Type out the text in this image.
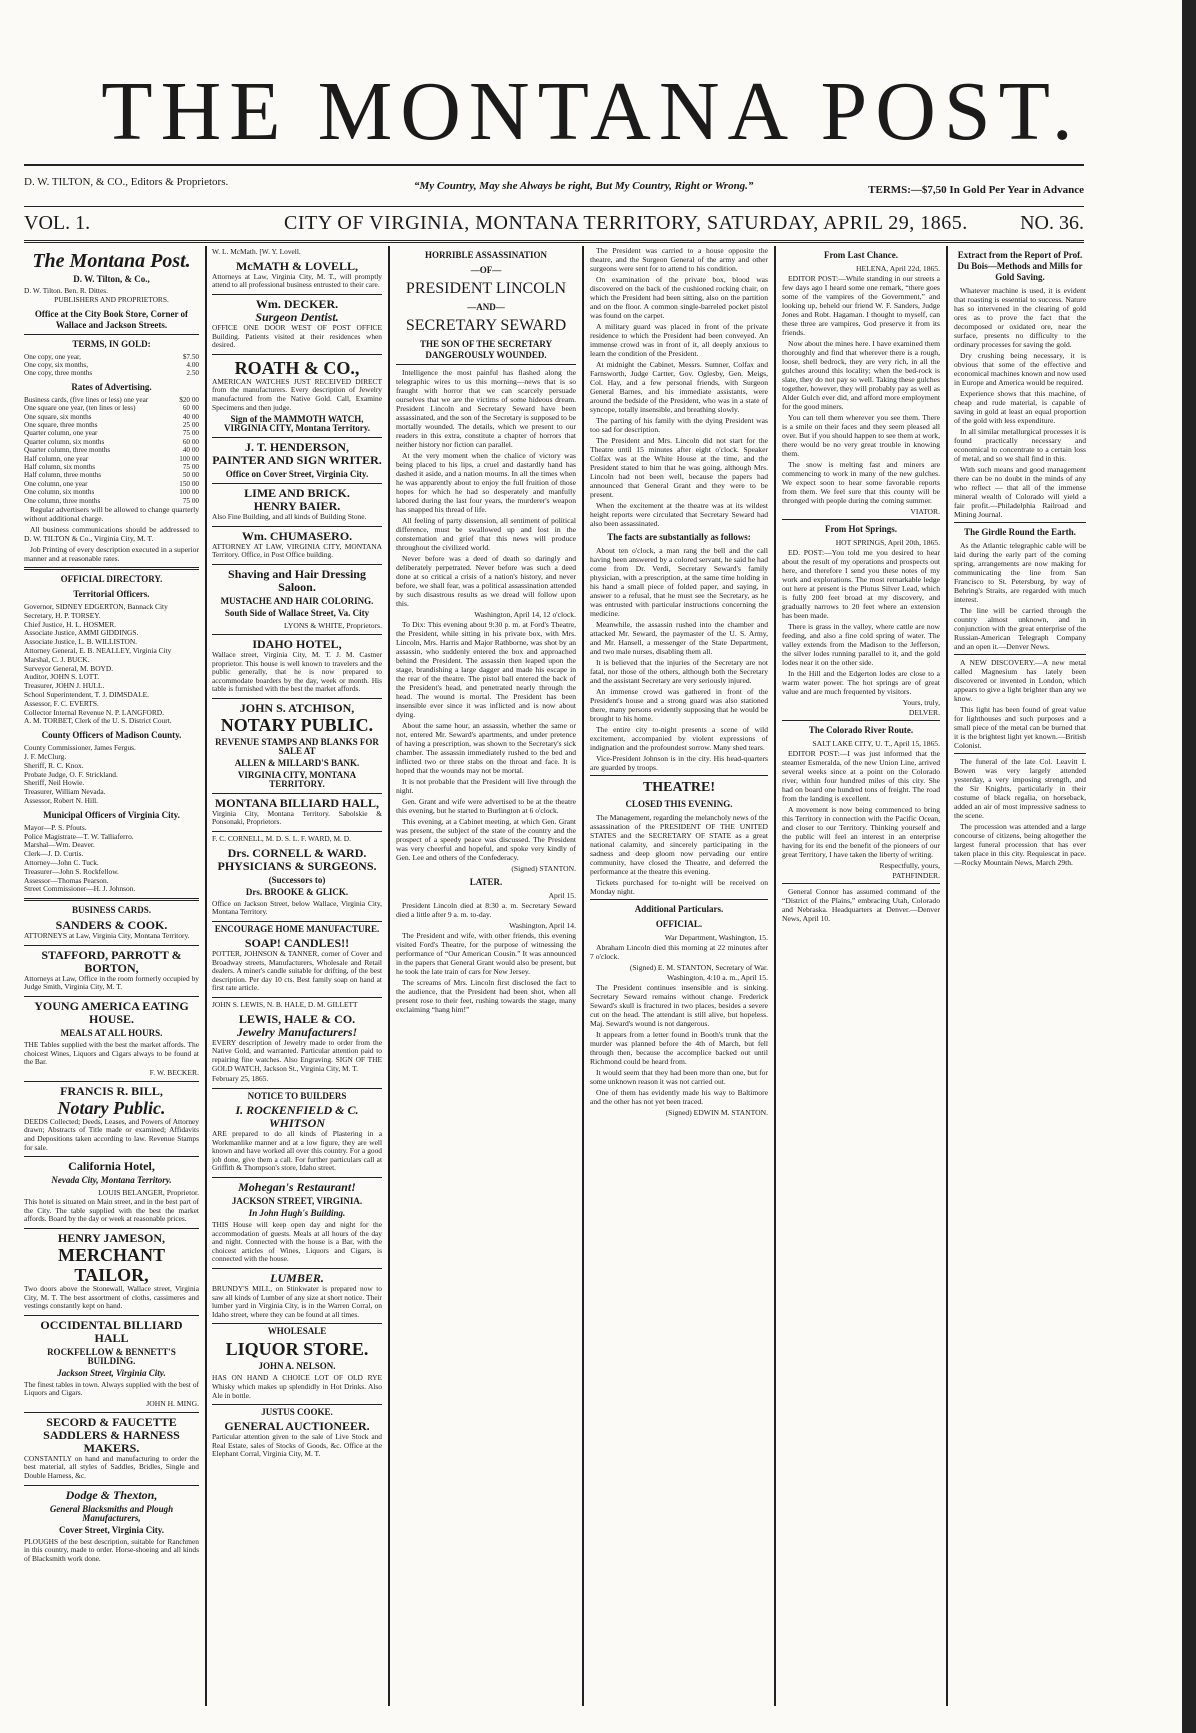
THE MONTANA POST.
D. W. TILTON, & CO., Editors & Proprietors.	“My Country, May she Always be right, But My Country, Right or Wrong.”	TERMS:—$7,50 In Gold Per Year in Advance
VOL. 1.	CITY OF VIRGINIA, MONTANA TERRITORY, SATURDAY, APRIL 29, 1865.	NO. 36.
The Montana Post.
D. W. Tilton, & Co.,
D. W. Tilton. Ben. R. Dittes.
PUBLISHERS AND PROPRIETORS.
Office at the City Book Store, Corner of Wallace and Jackson Streets.
TERMS, IN GOLD:
One copy, one year,	$7.50
One copy, six months,	4.00
One copy, three months	2.50
Rates of Advertising.
Business cards, (five lines or less) one year	$20 00
One square one year, (ten lines or less)	60 00
One square, six months	40 00
One square, three months	25 00
Quarter column, one year	75 00
Quarter column, six months	60 00
Quarter column, three months	40 00
Half column, one year	100 00
Half column, six months	75 00
Half column, three months	50 00
One column, one year	150 00
One column, six months	100 00
One column, three months	75 00

Regular advertisers will be allowed to change quarterly without additional charge.

All business communications should be addressed to D. W. TILTON & Co., Virginia City, M. T.

Job Printing of every description executed in a superior manner and at reasonable rates.

OFFICIAL DIRECTORY.
Territorial Officers.
Governor, SIDNEY EDGERTON, Bannack City
Secretary, H. P. TORSEY.
Chief Justice, H. L. HOSMER.
Associate Justice, AMMI GIDDINGS.
Associate Justice, L. B. WILLISTON.
Attorney General, E. B. NEALLEY, Virginia City
Marshal, C. J. BUCK.
Surveyor General, M. BOYD.
Auditor, JOHN S. LOTT.
Treasurer, JOHN J. HULL.
School Superintendent, T. J. DIMSDALE.
Assessor, F. C. EVERTS.
Collector Internal Revenue N. P. LANGFORD.
A. M. TORBET, Clerk of the U. S. District Court.
County Officers of Madison County.
County Commissioner, James Fergus.
J. F. McClurg.
Sheriff, R. C. Knox.
Probate Judge, O. F. Strickland.
Sheriff, Neil Howie.
Treasurer, William Nevada.
Assessor, Robert N. Hill.
Municipal Officers of Virginia City.
Mayor—P. S. Pfouts.
Police Magistrate—T. W. Talliaferro.
Marshal—Wm. Deaver.
Clerk—J. D. Curtis.
Attorney—John C. Tuck.
Treasurer—John S. Rockfellow.
Assessor—Thomas Pearson.
Street Commissioner—H. J. Johnson.
BUSINESS CARDS.
SANDERS & COOK.
ATTORNEYS at Law, Virginia City, Montana Territory.
STAFFORD, PARROTT & BORTON,
Attorneys at Law, Office in the room formerly occupied by Judge Smith, Virginia City, M. T.
YOUNG AMERICA EATING HOUSE.
MEALS AT ALL HOURS.
THE Tables supplied with the best the market affords. The choicest Wines, Liquors and Cigars always to be found at the Bar.
F. W. BECKER.
FRANCIS R. BILL,
Notary Public.
DEEDS Collected; Deeds, Leases, and Powers of Attorney drawn; Abstracts of Title made or examined; Affidavits and Depositions taken according to law. Revenue Stamps for sale.
California Hotel,
Nevada City, Montana Territory.
LOUIS BELANGER, Proprietor.
This hotel is situated on Main street, and in the best part of the City. The table supplied with the best the market affords. Board by the day or week at reasonable prices.
HENRY JAMESON,
MERCHANT TAILOR,
Two doors above the Stonewall, Wallace street, Virginia City, M. T. The best assortment of cloths, cassimeres and vestings constantly kept on hand.
OCCIDENTAL BILLIARD HALL
ROCKFELLOW & BENNETT'S BUILDING.
Jackson Street, Virginia City.
The finest tables in town. Always supplied with the best of Liquors and Cigars.
JOHN H. MING.
SECORD & FAUCETTE
SADDLERS & HARNESS MAKERS.
CONSTANTLY on hand and manufacturing to order the best material, all styles of Saddles, Bridles, Single and Double Harness, &c.
Dodge & Thexton,
General Blacksmiths and Plough Manufacturers,
Cover Street, Virginia City.
PLOUGHS of the best description, suitable for Ranchmen in this country, made to order. Horse-shoeing and all kinds of Blacksmith work done.
W. L. McMath. [W. Y. Lovell.
McMATH & LOVELL,
Attorneys at Law, Virginia City, M. T., will promptly attend to all professional business entrusted to their care.
Wm. DECKER.
Surgeon Dentist.
OFFICE ONE DOOR WEST OF POST OFFICE Building. Patients visited at their residences when desired.
ROATH & CO.,
AMERICAN WATCHES JUST RECEIVED DIRECT from the manufacturers. Every description of Jewelry manufactured from the Native Gold. Call, Examine Specimens and then judge.
Sign of the MAMMOTH WATCH, VIRGINIA CITY, Montana Territory.
J. T. HENDERSON,
PAINTER AND SIGN WRITER.
Office on Cover Street, Virginia City.
LIME AND BRICK.
HENRY BAIER.
Also Fine Building, and all kinds of Building Stone.
Wm. CHUMASERO.
ATTORNEY AT LAW, VIRGINIA CITY, MONTANA Territory. Office, in Post Office building.
Shaving and Hair Dressing Saloon.
MUSTACHE AND HAIR COLORING.
South Side of Wallace Street, Va. City
LYONS & WHITE, Proprietors.
IDAHO HOTEL,
Wallace street, Virginia City, M. T. J. M. Castner proprietor. This house is well known to travelers and the public generally, that he is now prepared to accommodate boarders by the day, week or month. His table is furnished with the best the market affords.
JOHN S. ATCHISON,
NOTARY PUBLIC.
REVENUE STAMPS AND BLANKS FOR SALE AT
ALLEN & MILLARD'S BANK.
VIRGINIA CITY, MONTANA TERRITORY.
MONTANA BILLIARD HALL,
Virginia City, Montana Territory. Sabolskie & Ponsonaki, Proprietors.
F. C. CORNELL, M. D. S. L. F. WARD, M. D.
Drs. CORNELL & WARD.
PHYSICIANS & SURGEONS.
(Successors to)
Drs. BROOKE & GLICK.
Office on Jackson Street, below Wallace, Virginia City, Montana Territory.
ENCOURAGE HOME MANUFACTURE.
SOAP! CANDLES!!
POTTER, JOHNSON & TANNER, corner of Cover and Broadway streets, Manufacturers, Wholesale and Retail dealers. A miner's candle suitable for drifting, of the best description. Per day 10 cts. Best family soap on hand at first rate article.
JOHN S. LEWIS, N. B. HALE, D. M. GILLETT
LEWIS, HALE & CO.
Jewelry Manufacturers!
EVERY description of Jewelry made to order from the Native Gold, and warranted. Particular attention paid to repairing fine watches. Also Engraving. SIGN OF THE GOLD WATCH, Jackson St., Virginia City, M. T.
February 25, 1865.
NOTICE TO BUILDERS
I. ROCKENFIELD & C. WHITSON
ARE prepared to do all kinds of Plastering in a Workmanlike manner and at a low figure, they are well known and have worked all over this country. For a good job done, give them a call. For further particulars call at Griffith & Thompson's store, Idaho street.
Mohegan's Restaurant!
JACKSON STREET, VIRGINIA.
In John Hugh's Building.
THIS House will keep open day and night for the accommodation of guests. Meals at all hours of the day and night. Connected with the house is a Bar, with the choicest articles of Wines, Liquors and Cigars, is connected with the house.
LUMBER.
BRUNDY'S MILL, on Stinkwater is prepared now to saw all kinds of Lumber of any size at short notice. Their lumber yard in Virginia City, is in the Warren Corral, on Idaho street, where they can be found at all times.
WHOLESALE
LIQUOR STORE.
JOHN A. NELSON.
HAS ON HAND A CHOICE LOT OF OLD RYE Whisky which makes up splendidly in Hot Drinks. Also Ale in bottle.
JUSTUS COOKE.
GENERAL AUCTIONEER.
Particular attention given to the sale of Live Stock and Real Estate, sales of Stocks of Goods, &c. Office at the Elephant Corral, Virginia City, M. T.
HORRIBLE ASSASSINATION
—OF—
PRESIDENT LINCOLN
—AND—
SECRETARY SEWARD
THE SON OF THE SECRETARY DANGEROUSLY WOUNDED.

Intelligence the most painful has flashed along the telegraphic wires to us this morning—news that is so fraught with horror that we can scarcely persuade ourselves that we are the victims of some hideous dream. President Lincoln and Secretary Seward have been assassinated, and the son of the Secretary is supposed to be mortally wounded. The details, which we present to our readers in this extra, constitute a chapter of horrors that neither history nor fiction can parallel.

At the very moment when the chalice of victory was being placed to his lips, a cruel and dastardly hand has dashed it aside, and a nation mourns. In all the times when he was apparently about to enjoy the full fruition of those hopes for which he had so desperately and manfully labored during the last four years, the murderer's weapon has snapped his thread of life.

All feeling of party dissension, all sentiment of political difference, must be swallowed up and lost in the consternation and grief that this news will produce throughout the civilized world.

Never before was a deed of death so daringly and deliberately perpetrated. Never before was such a deed done at so critical a crisis of a nation's history, and never before, we shall fear, was a political assassination attended by such disastrous results as we dread will follow upon this.

Washington, April 14, 12 o'clock.

To Dix: This evening about 9:30 p. m. at Ford's Theatre, the President, while sitting in his private box, with Mrs. Lincoln, Mrs. Harris and Major Rathborne, was shot by an assassin, who suddenly entered the box and approached behind the President. The assassin then leaped upon the stage, brandishing a large dagger and made his escape in the rear of the theatre. The pistol ball entered the back of the President's head, and penetrated nearly through the head. The wound is mortal. The President has been insensible ever since it was inflicted and is now about dying.

About the same hour, an assassin, whether the same or not, entered Mr. Seward's apartments, and under pretence of having a prescription, was shown to the Secretary's sick chamber. The assassin immediately rushed to the bed and inflicted two or three stabs on the throat and face. It is hoped that the wounds may not be mortal.

It is not probable that the President will live through the night.

Gen. Grant and wife were advertised to be at the theatre this evening, but he started to Burlington at 6 o'clock.

This evening, at a Cabinet meeting, at which Gen. Grant was present, the subject of the state of the country and the prospect of a speedy peace was discussed. The President was very cheerful and hopeful, and spoke very kindly of Gen. Lee and others of the Confederacy.

(Signed) STANTON.
LATER.
April 15.

President Lincoln died at 8:30 a. m. Secretary Seward died a little after 9 a. m. to-day.

Washington, April 14.

The President and wife, with other friends, this evening visited Ford's Theatre, for the purpose of witnessing the performance of “Our American Cousin.” It was announced in the papers that General Grant would also be present, but he took the late train of cars for New Jersey.

The screams of Mrs. Lincoln first disclosed the fact to the audience, that the President had been shot, when all present rose to their feet, rushing towards the stage, many exclaiming “hang him!”

The President was carried to a house opposite the theatre, and the Surgeon General of the army and other surgeons were sent for to attend to his condition.

On examination of the private box, blood was discovered on the back of the cushioned rocking chair, on which the President had been sitting, also on the partition and on the floor. A common single-barreled pocket pistol was found on the carpet.

A military guard was placed in front of the private residence to which the President had been conveyed. An immense crowd was in front of it, all deeply anxious to learn the condition of the President.

At midnight the Cabinet, Messrs. Sumner, Colfax and Farnsworth, Judge Cartter, Gov. Oglesby, Gen. Meigs, Col. Hay, and a few personal friends, with Surgeon General Barnes, and his immediate assistants, were around the bedside of the President, who was in a state of syncope, totally insensible, and breathing slowly.

The parting of his family with the dying President was too sad for description.

The President and Mrs. Lincoln did not start for the Theatre until 15 minutes after eight o'clock. Speaker Colfax was at the White House at the time, and the President stated to him that he was going, although Mrs. Lincoln had not been well, because the papers had announced that General Grant and they were to be present.

When the excitement at the theatre was at its wildest height reports were circulated that Secretary Seward had also been assassinated.

The facts are substantially as follows:

About ten o'clock, a man rang the bell and the call having been answered by a colored servant, he said he had come from Dr. Verdi, Secretary Seward's family physician, with a prescription, at the same time holding in his hand a small piece of folded paper, and saying, in answer to a refusal, that he must see the Secretary, as he was entrusted with particular instructions concerning the medicine.

Meanwhile, the assassin rushed into the chamber and attacked Mr. Seward, the paymaster of the U. S. Army, and Mr. Hansell, a messenger of the State Department, and two male nurses, disabling them all.

It is believed that the injuries of the Secretary are not fatal, nor those of the others, although both the Secretary and the assistant Secretary are very seriously injured.

An immense crowd was gathered in front of the President's house and a strong guard was also stationed there, many persons evidently supposing that he would be brought to his home.

The entire city to-night presents a scene of wild excitement, accompanied by violent expressions of indignation and the profoundest sorrow. Many shed tears.

Vice-President Johnson is in the city. His head-quarters are guarded by troops.

THEATRE!
CLOSED THIS EVENING.

The Management, regarding the melancholy news of the assassination of the PRESIDENT OF THE UNITED STATES and the SECRETARY OF STATE as a great national calamity, and sincerely participating in the sadness and deep gloom now pervading our entire community, have closed the Theatre, and deferred the performance at the theatre this evening.

Tickets purchased for to-night will be received on Monday night.

Additional Particulars.
OFFICIAL.
War Department, Washington, 15.

Abraham Lincoln died this morning at 22 minutes after 7 o'clock.

(Signed) E. M. STANTON, Secretary of War.
Washington, 4:10 a. m., April 15.

The President continues insensible and is sinking. Secretary Seward remains without change. Frederick Seward's skull is fractured in two places, besides a severe cut on the head. The attendant is still alive, but hopeless. Maj. Seward's wound is not dangerous.

It appears from a letter found in Booth's trunk that the murder was planned before the 4th of March, but fell through then, because the accomplice backed out until Richmond could be heard from.

It would seem that they had been more than one, but for some unknown reason it was not carried out.

One of them has evidently made his way to Baltimore and the other has not yet been traced.

(Signed) EDWIN M. STANTON.
From Last Chance.
HELENA, April 22d, 1865.

EDITOR POST:—While standing in our streets a few days ago I heard some one remark, “there goes some of the vampires of the Government,” and looking up, beheld our friend W. F. Sanders, Judge Jones and Robt. Hagaman. I thought to myself, can these three are vampires, God preserve it from its friends.

Now about the mines here. I have examined them thoroughly and find that wherever there is a rough, loose, shell bedrock, they are very rich, in all the gulches around this locality; when the bed-rock is slate, they do not pay so well. Taking these gulches together, however, they will probably pay as well as Alder Gulch ever did, and afford more employment for the good miners.

You can tell them wherever you see them. There is a smile on their faces and they seem pleased all over. But if you should happen to see them at work, there would be no very great trouble in knowing them.

The snow is melting fast and miners are commencing to work in many of the new gulches. We expect soon to hear some favorable reports from them. We feel sure that this county will be thronged with people during the coming summer.

VIATOR.
From Hot Springs.
HOT SPRINGS, April 20th, 1865.

ED. POST:—You told me you desired to hear about the result of my operations and prospects out here, and therefore I send you these notes of my work and explorations. The most remarkable ledge out here at present is the Plutus Silver Lead, which is fully 200 feet broad at my discovery, and gradually narrows to 20 feet where an extension has been made.

There is grass in the valley, where cattle are now feeding, and also a fine cold spring of water. The valley extends from the Madison to the Jefferson, the silver lodes running parallel to it, and the gold lodes near it on the other side.

In the Hill and the Edgerton lodes are close to a warm water power. The hot springs are of great value and are much frequented by visitors.

Yours, truly,
DELVER.
The Colorado River Route.
SALT LAKE CITY, U. T., April 15, 1865.

EDITOR POST:—I was just informed that the steamer Esmeralda, of the new Union Line, arrived several weeks since at a point on the Colorado river, within four hundred miles of this city. She had on board one hundred tons of freight. The road from the landing is excellent.

A movement is now being commenced to bring this Territory in connection with the Pacific Ocean, and closer to our Territory. Thinking yourself and the public will feel an interest in an enterprise having for its end the benefit of the pioneers of our great Territory, I have taken the liberty of writing.

Respectfully, yours,
PATHFINDER.

General Connor has assumed command of the “District of the Plains,” embracing Utah, Colorado and Nebraska. Headquarters at Denver.—Denver News, April 10.

Extract from the Report of Prof. Du Bois—Methods and Mills for Gold Saving.

Whatever machine is used, it is evident that roasting is essential to success. Nature has so intervened in the clearing of gold ores as to prove the fact that the decomposed or oxidated ore, near the surface, presents no difficulty to the ordinary processes for saving the gold.

Dry crushing being necessary, it is obvious that some of the effective and economical machines known and now used in Europe and America would be required.

Experience shows that this machine, of cheap and rude material, is capable of saving in gold at least an equal proportion of the gold with less expenditure.

In all similar metallurgical processes it is found practically necessary and economical to concentrate to a certain loss of metal, and so we shall find in this.

With such means and good management there can be no doubt in the minds of any who reflect — that all of the immense mineral wealth of Colorado will yield a fair profit.—Philadelphia Railroad and Mining Journal.

The Girdle Round the Earth.

As the Atlantic telegraphic cable will be laid during the early part of the coming spring, arrangements are now making for communicating the line from San Francisco to St. Petersburg, by way of Behring's Straits, are regarded with much interest.

The line will be carried through the country almost unknown, and in conjunction with the great enterprise of the Russian-American Telegraph Company and an open it.—Denver News.

A NEW DISCOVERY.—A new metal called Magnesium has lately been discovered or invented in London, which appears to give a light brighter than any we know.

This light has been found of great value for lighthouses and such purposes and a small piece of the metal can be burned that it is the brightest light yet known.—British Colonist.

The funeral of the late Col. Leavitt I. Bowen was very largely attended yesterday, a very imposing strength, and the Sir Knights, particularly in their costume of black regalia, on horseback, added an air of most impressive sadness to the scene.

The procession was attended and a large concourse of citizens, being altogether the largest funeral procession that has ever taken place in this city. Requiescat in pace.—Rocky Mountain News, March 29th.
